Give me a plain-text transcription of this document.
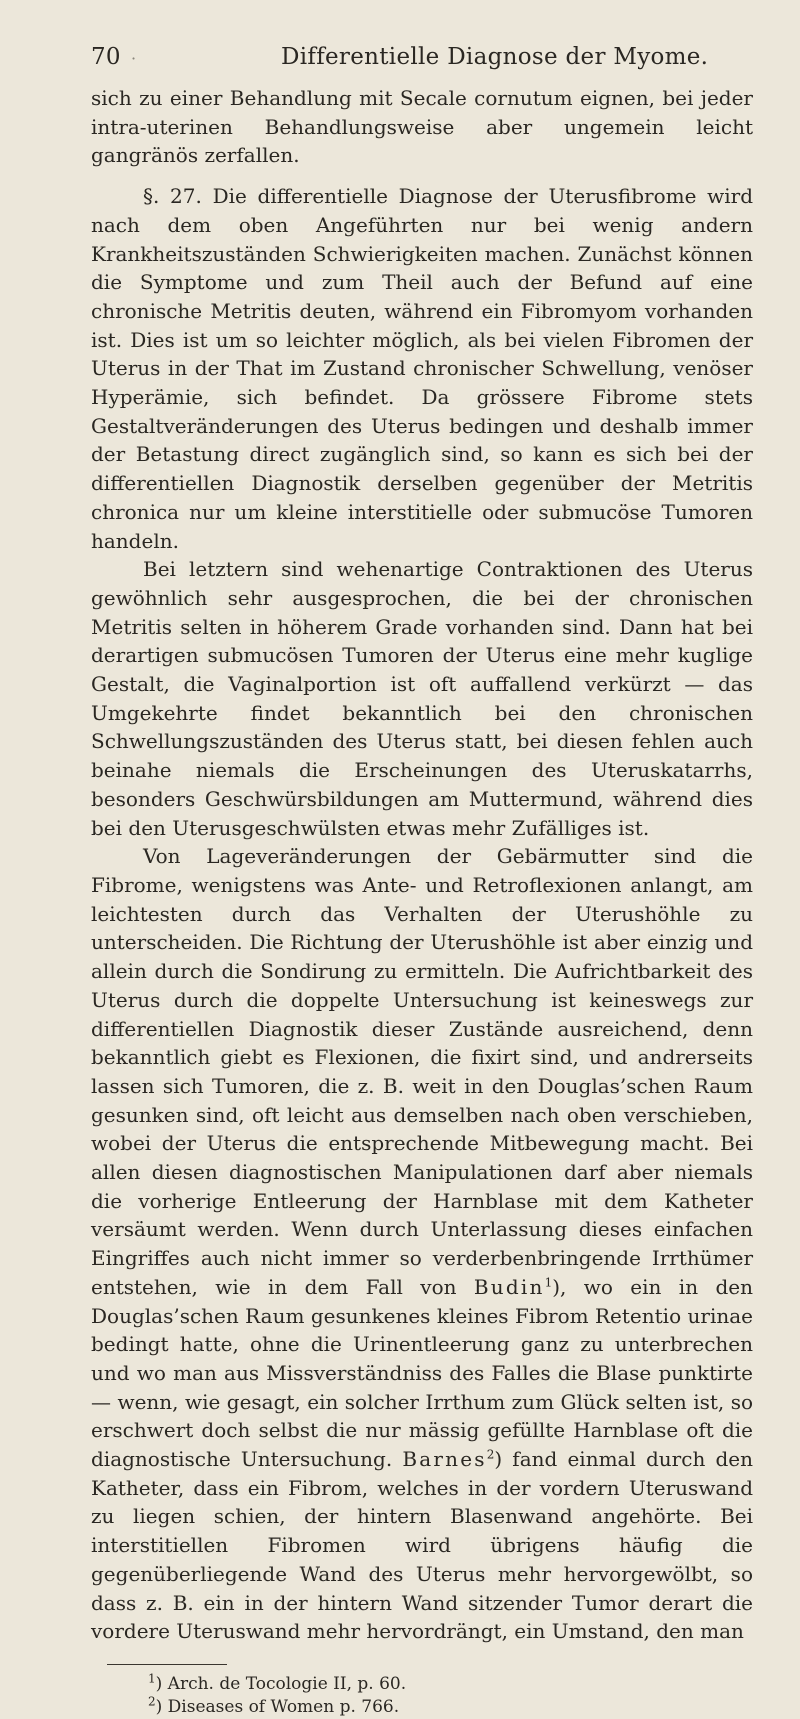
70 ·	Differentielle Diagnose der Myome.

sich zu einer Behandlung mit Secale cornutum eignen, bei jeder intra-uterinen Behandlungsweise aber ungemein leicht gangränös zerfallen.

§. 27. Die differentielle Diagnose der Uterusfibrome wird nach dem oben Angeführten nur bei wenig andern Krankheitszuständen Schwierigkeiten machen. Zunächst können die Symptome und zum Theil auch der Befund auf eine chronische Metritis deuten, während ein Fibromyom vorhanden ist. Dies ist um so leichter möglich, als bei vielen Fibromen der Uterus in der That im Zustand chronischer Schwellung, venöser Hyperämie, sich befindet. Da grössere Fibrome stets Gestaltveränderungen des Uterus bedingen und deshalb immer der Betastung direct zugänglich sind, so kann es sich bei der differentiellen Diagnostik derselben gegenüber der Metritis chronica nur um kleine interstitielle oder submucöse Tumoren handeln.

Bei letztern sind wehenartige Contraktionen des Uterus gewöhnlich sehr ausgesprochen, die bei der chronischen Metritis selten in höherem Grade vorhanden sind. Dann hat bei derartigen submucösen Tumoren der Uterus eine mehr kuglige Gestalt, die Vaginalportion ist oft auffallend verkürzt — das Umgekehrte findet bekanntlich bei den chronischen Schwellungszuständen des Uterus statt, bei diesen fehlen auch beinahe niemals die Erscheinungen des Uteruskatarrhs, besonders Geschwürsbildungen am Muttermund, während dies bei den Uterusgeschwülsten etwas mehr Zufälliges ist.

Von Lageveränderungen der Gebärmutter sind die Fibrome, wenigstens was Ante- und Retroflexionen anlangt, am leichtesten durch das Verhalten der Uterushöhle zu unterscheiden. Die Richtung der Uterushöhle ist aber einzig und allein durch die Sondirung zu ermitteln. Die Aufrichtbarkeit des Uterus durch die doppelte Untersuchung ist keineswegs zur differentiellen Diagnostik dieser Zustände ausreichend, denn bekanntlich giebt es Flexionen, die fixirt sind, und andrerseits lassen sich Tumoren, die z. B. weit in den Douglas’schen Raum gesunken sind, oft leicht aus demselben nach oben verschieben, wobei der Uterus die entsprechende Mitbewegung macht. Bei allen diesen diagnostischen Manipulationen darf aber niemals die vorherige Entleerung der Harnblase mit dem Katheter versäumt werden. Wenn durch Unterlassung dieses einfachen Eingriffes auch nicht immer so verderbenbringende Irrthümer entstehen, wie in dem Fall von Budin$^1$), wo ein in den Douglas’schen Raum gesunkenes kleines Fibrom Retentio urinae bedingt hatte, ohne die Urinentleerung ganz zu unterbrechen und wo man aus Missverständniss des Falles die Blase punktirte — wenn, wie gesagt, ein solcher Irrthum zum Glück selten ist, so erschwert doch selbst die nur mässig gefüllte Harnblase oft die diagnostische Untersuchung. Barnes$^2$) fand einmal durch den Katheter, dass ein Fibrom, welches in der vordern Uteruswand zu liegen schien, der hintern Blasenwand angehörte. Bei interstitiellen Fibromen wird übrigens häufig die gegenüberliegende Wand des Uterus mehr hervorgewölbt, so dass z. B. ein in der hintern Wand sitzender Tumor derart die vordere Uteruswand mehr hervordrängt, ein Umstand, den man

$^1$) Arch. de Tocologie II, p. 60.

$^2$) Diseases of Women p. 766.
